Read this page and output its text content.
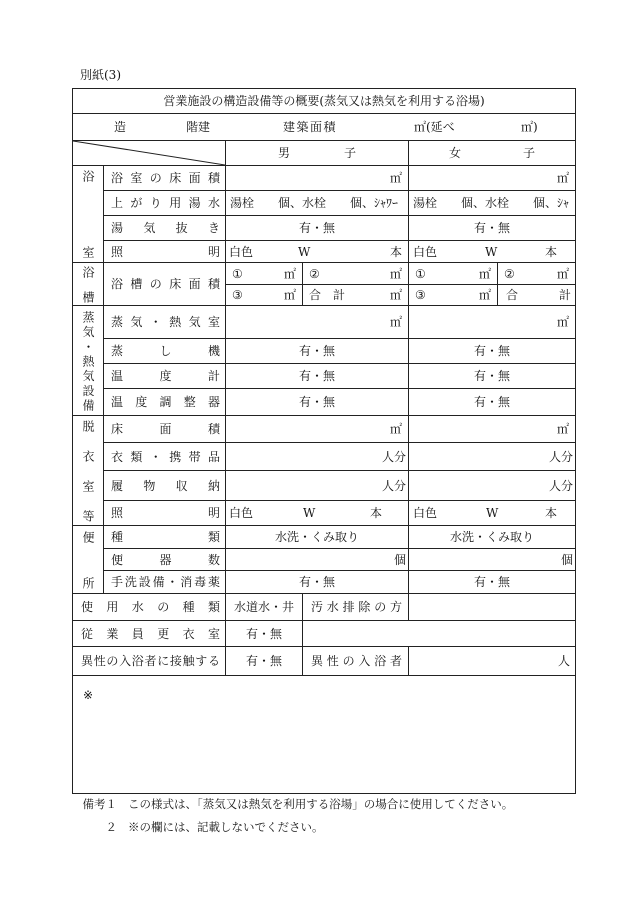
別紙(3)
営業施設の構造設備等の概要(蒸気又は熱気を利用する浴場)					

造 階建 建築面積 ㎡(延べ ㎡)					

	男子		女子	

浴室	浴室の床面積	㎡		㎡	

	上がり用湯水	湯栓　　個、水栓　　個、ｼｬﾜｰ		湯栓　　個、水栓　　個、ｼｬ	

	湯気抜き	有・無		有・無	

	照明	白色 W 本		白色 W 本	

浴槽	浴槽の床面積	① ㎡	② ㎡	① ㎡	② ㎡

		③ ㎡	合計 ㎡	③ ㎡	合計

蒸気・熱気設備	蒸気・熱気室	㎡		㎡	

	蒸し機	有・無		有・無	

	温度計	有・無		有・無	

	温度調整器	有・無		有・無	

脱衣室等	床面積	㎡		㎡	

	衣類・携帯品	人分		人分	

	履物収納	人分		人分	

	照明	白色 W 本		白色 W 本	

便所	種類	水洗・くみ取り		水洗・くみ取り	

	便器数	個		個	

	手洗設備・消毒薬	有・無		有・無	

使用水の種類		水道水・井	汚水排除の方		

従業員更衣室		有・無			

異性の入浴者に接触する		有・無	異性の入浴者	人	
※					
備考１ この様式は、「蒸気又は熱気を利用する浴場」の場合に使用してください。
２ ※の欄には、記載しないでください。
